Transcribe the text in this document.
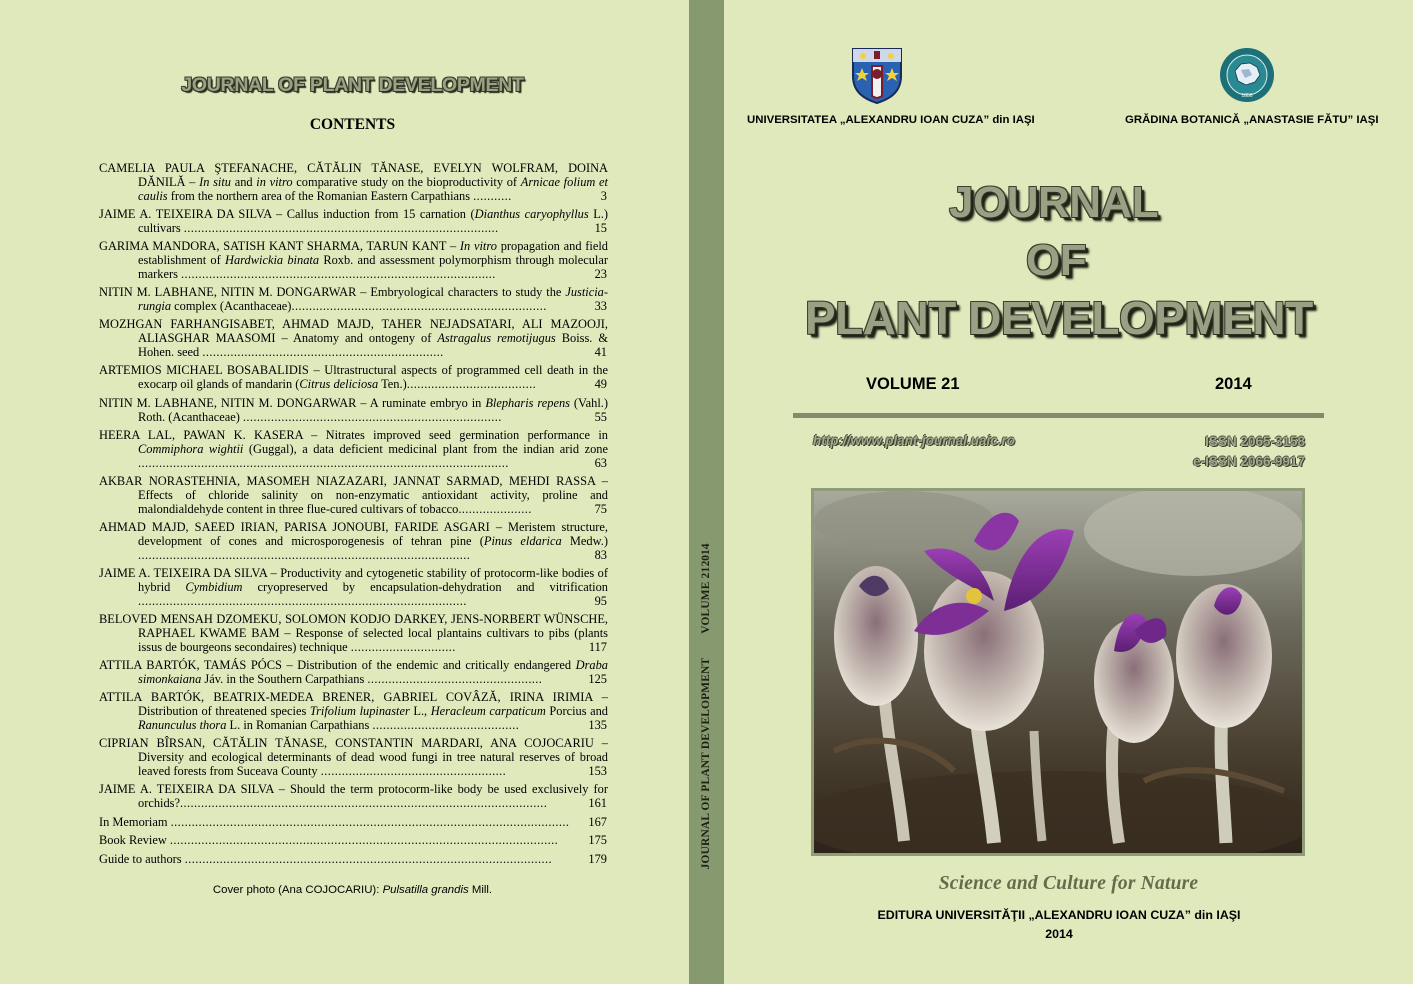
JOURNAL OF PLANT DEVELOPMENT
CONTENTS
CAMELIA PAULA ŞTEFANACHE, CĂTĂLIN TĂNASE, EVELYN WOLFRAM, DOINA DĂNILĂ – In situ and in vitro comparative study on the bioproductivity of Arnicae folium et caulis from the northern area of the Romanian Eastern Carpathians ...........	3
JAIME A. TEIXEIRA DA SILVA – Callus induction from 15 carnation (Dianthus caryophyllus L.) cultivars ..........................................................................................	15
GARIMA MANDORA, SATISH KANT SHARMA, TARUN KANT – In vitro propagation and field establishment of Hardwickia binata Roxb. and assessment polymorphism through molecular markers ..........................................................................................	23
NITIN M. LABHANE, NITIN M. DONGARWAR – Embryological characters to study the Justicia-rungia complex (Acanthaceae).........................................................................	33
MOZHGAN FARHANGISABET, AHMAD MAJD, TAHER NEJADSATARI, ALI MAZOOJI, ALIASGHAR MAASOMI – Anatomy and ontogeny of Astragalus remotijugus Boiss. & Hohen. seed .....................................................................	41
ARTEMIOS MICHAEL BOSABALIDIS – Ultrastructural aspects of programmed cell death in the exocarp oil glands of mandarin (Citrus deliciosa Ten.).....................................	49
NITIN M. LABHANE, NITIN M. DONGARWAR – A ruminate embryo in Blepharis repens (Vahl.) Roth. (Acanthaceae) ..........................................................................	55
HEERA LAL, PAWAN K. KASERA – Nitrates improved seed germination performance in Commiphora wightii (Guggal), a data deficient medicinal plant from the indian arid zone ..........................................................................................................	63
AKBAR NORASTEHNIA, MASOMEH NIAZAZARI, JANNAT SARMAD, MEHDI RASSA – Effects of chloride salinity on non-enzymatic antioxidant activity, proline and malondialdehyde content in three flue-cured cultivars of tobacco.....................	75
AHMAD MAJD, SAEED IRIAN, PARISA JONOUBI, FARIDE ASGARI – Meristem structure, development of cones and microsporogenesis of tehran pine (Pinus eldarica Medw.) ...............................................................................................	83
JAIME A. TEIXEIRA DA SILVA – Productivity and cytogenetic stability of protocorm-like bodies of hybrid Cymbidium cryopreserved by encapsulation-dehydration and vitrification ..............................................................................................	95
BELOVED MENSAH DZOMEKU, SOLOMON KODJO DARKEY, JENS-NORBERT WÜNSCHE, RAPHAEL KWAME BAM – Response of selected local plantains cultivars to pibs (plants issus de bourgeons secondaires) technique ..............................	117
ATTILA BARTÓK, TAMÁS PÓCS – Distribution of the endemic and critically endangered Draba simonkaiana Jáv. in the Southern Carpathians ..................................................	125
ATTILA BARTÓK, BEATRIX-MEDEA BRENER, GABRIEL COVÂZĂ, IRINA IRIMIA – Distribution of threatened species Trifolium lupinaster L., Heracleum carpaticum Porcius and Ranunculus thora L. in Romanian Carpathians ..........................................	135
CIPRIAN BÎRSAN, CĂTĂLIN TĂNASE, CONSTANTIN MARDARI, ANA COJOCARIU – Diversity and ecological determinants of dead wood fungi in tree natural reserves of broad leaved forests from Suceava County .....................................................	153
JAIME A. TEIXEIRA DA SILVA – Should the term protocorm-like body be used exclusively for orchids?.........................................................................................................	161
In Memoriam ..................................................................................................................	167
Book Review ...............................................................................................................	175
Guide to authors .........................................................................................................	179
Cover photo (Ana COJOCARIU): Pulsatilla grandis Mill.
JOURNAL OF PLANT DEVELOPMENTVOLUME 21
2014
1856
UNIVERSITATEA „ALEXANDRU IOAN CUZA” din IAŞI	GRĂDINA BOTANICĂ „ANASTASIE FĂTU” IAŞI
JOURNAL
OF
PLANT DEVELOPMENT
VOLUME 21	2014
http://www.plant-journal.uaic.ro	ISSN 2065-3158
e-ISSN 2066-9917
Science and Culture for Nature
EDITURA UNIVERSITĂŢII „ALEXANDRU IOAN CUZA” din IAŞI
2014
